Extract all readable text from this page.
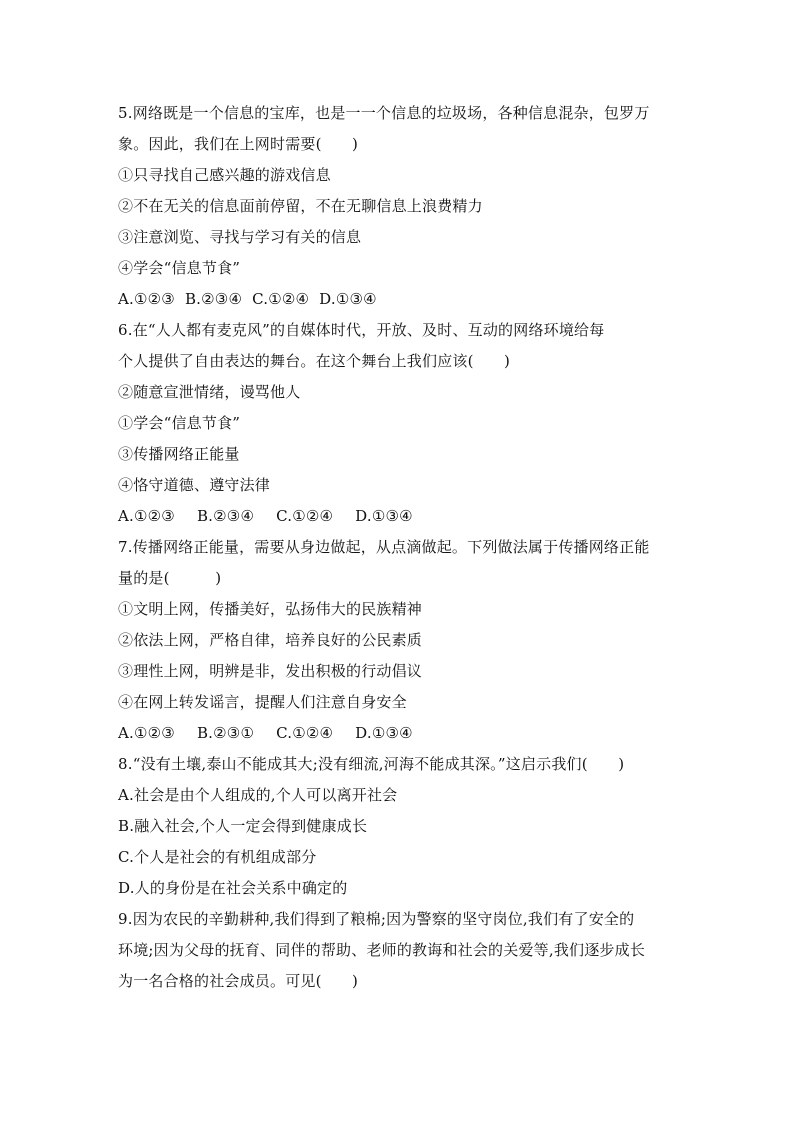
5.网络既是一个信息的宝库，也是一一个信息的垃圾场，各种信息混杂，包罗万
象。因此，我们在上网时需要(　　)
①只寻找自己感兴趣的游戏信息
②不在无关的信息面前停留，不在无聊信息上浪费精力
③注意浏览、寻找与学习有关的信息
④学会“信息节食”
A.①②③ B.②③④ C.①②④ D.①③④
6.在“人人都有麦克风”的自媒体时代，开放、及时、互动的网络环境给每
个人提供了自由表达的舞台。在这个舞台上我们应该(　　)
②随意宣泄情绪，谩骂他人
①学会“信息节食”
③传播网络正能量
④恪守道德、遵守法律
A.①②③ B.②③④ C.①②④ D.①③④
7.传播网络正能量，需要从身边做起，从点滴做起。下列做法属于传播网络正能
量的是(　　　)
①文明上网，传播美好，弘扬伟大的民族精神
②依法上网，严格自律，培养良好的公民素质
③理性上网，明辨是非，发出积极的行动倡议
④在网上转发谣言，提醒人们注意自身安全
A.①②③ B.②③① C.①②④ D.①③④
8.“没有土壤,泰山不能成其大;没有细流,河海不能成其深。”这启示我们(　　)
A.社会是由个人组成的,个人可以离开社会
B.融入社会,个人一定会得到健康成长
C.个人是社会的有机组成部分
D.人的身份是在社会关系中确定的
9.因为农民的辛勤耕种,我们得到了粮棉;因为警察的坚守岗位,我们有了安全的
环境;因为父母的抚育、同伴的帮助、老师的教诲和社会的关爱等,我们逐步成长
为一名合格的社会成员。可见(　　)
